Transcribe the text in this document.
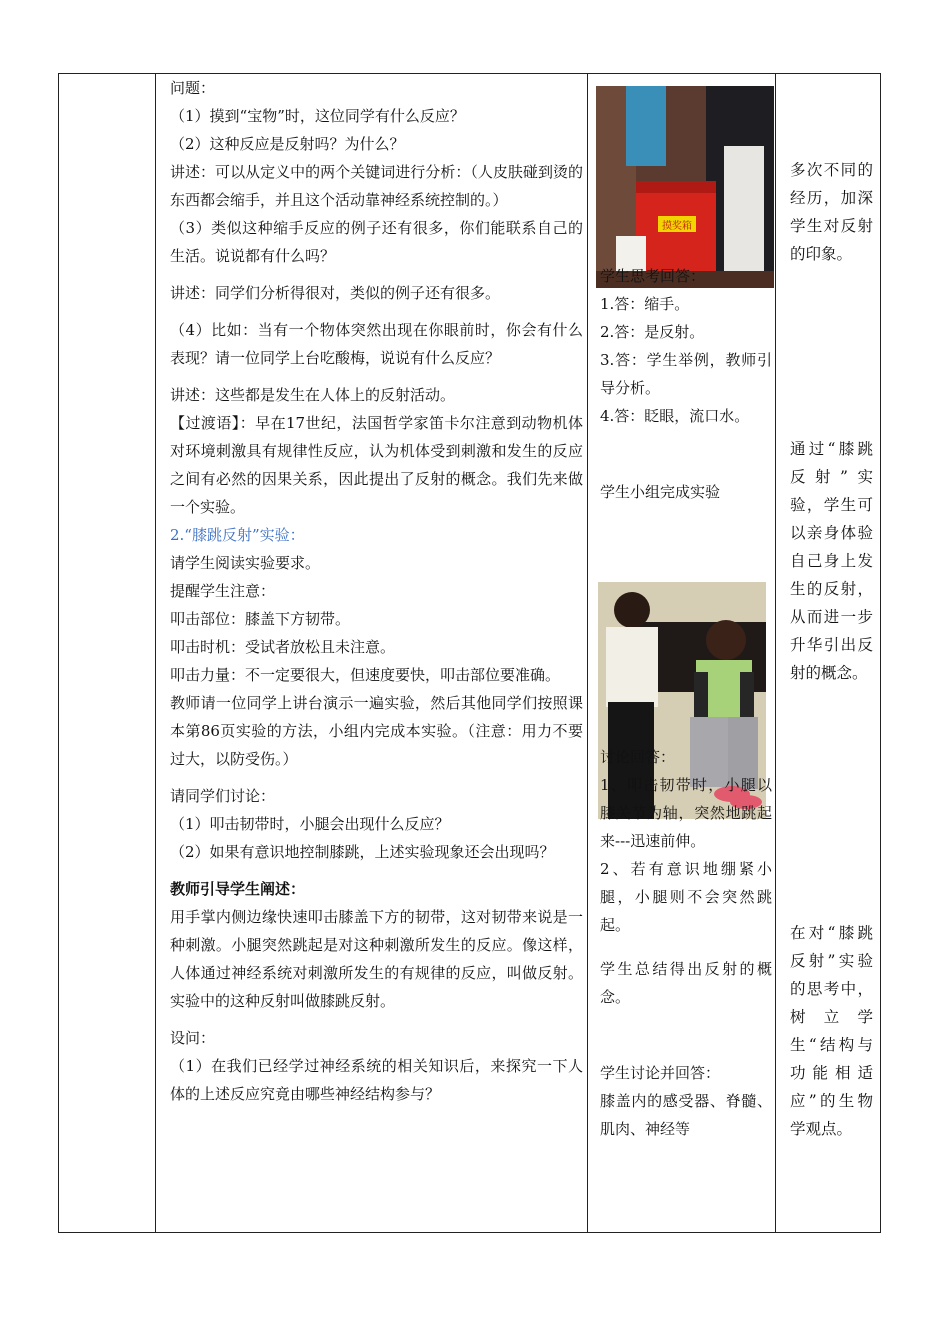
问题：
（1）摸到“宝物”时，这位同学有什么反应？
（2）这种反应是反射吗？为什么？
讲述：可以从定义中的两个关键词进行分析：（人皮肤碰到烫的东西都会缩手，并且这个活动靠神经系统控制的。）
（3）类似这种缩手反应的例子还有很多，你们能联系自己的生活。说说都有什么吗？
讲述：同学们分析得很对，类似的例子还有很多。
（4）比如：当有一个物体突然出现在你眼前时，你会有什么表现？请一位同学上台吃酸梅，说说有什么反应？
讲述：这些都是发生在人体上的反射活动。
【过渡语】：早在17世纪，法国哲学家笛卡尔注意到动物机体对环境刺激具有规律性反应，认为机体受到刺激和发生的反应之间有必然的因果关系，因此提出了反射的概念。我们先来做一个实验。
2.“膝跳反射”实验：
请学生阅读实验要求。
提醒学生注意：
叩击部位：膝盖下方韧带。
叩击时机：受试者放松且未注意。
叩击力量：不一定要很大，但速度要快，叩击部位要准确。
教师请一位同学上讲台演示一遍实验，然后其他同学们按照课本第86页实验的方法，小组内完成本实验。（注意：用力不要过大，以防受伤。）
请同学们讨论：
（1）叩击韧带时，小腿会出现什么反应？
（2）如果有意识地控制膝跳，上述实验现象还会出现吗？
教师引导学生阐述：
用手掌内侧边缘快速叩击膝盖下方的韧带，这对韧带来说是一种刺激。小腿突然跳起是对这种刺激所发生的反应。像这样，人体通过神经系统对刺激所发生的有规律的反应，叫做反射。实验中的这种反射叫做膝跳反射。
设问：
（1）在我们已经学过神经系统的相关知识后，来探究一下人体的上述反应究竟由哪些神经结构参与？
摸奖箱
学生思考回答：
1.答：缩手。
2.答：是反射。
3.答：学生举例，教师引导分析。
4.答：眨眼，流口水。
学生小组完成实验
讨论回答：
1、叩击韧带时，小腿以膝关节为轴，突然地跳起来---迅速前伸。
2、若有意识地绷紧小腿，小腿则不会突然跳起。
学生总结得出反射的概念。
学生讨论并回答：
膝盖内的感受器、脊髓、肌肉、神经等
多次不同的经历，加深学生对反射的印象。
通过“膝跳反射”实验，学生可以亲身体验自己身上发生的反射，从而进一步升华引出反射的概念。
在对“膝跳反射”实验的思考中，树立学生“结构与功能相适应”的生物学观点。
